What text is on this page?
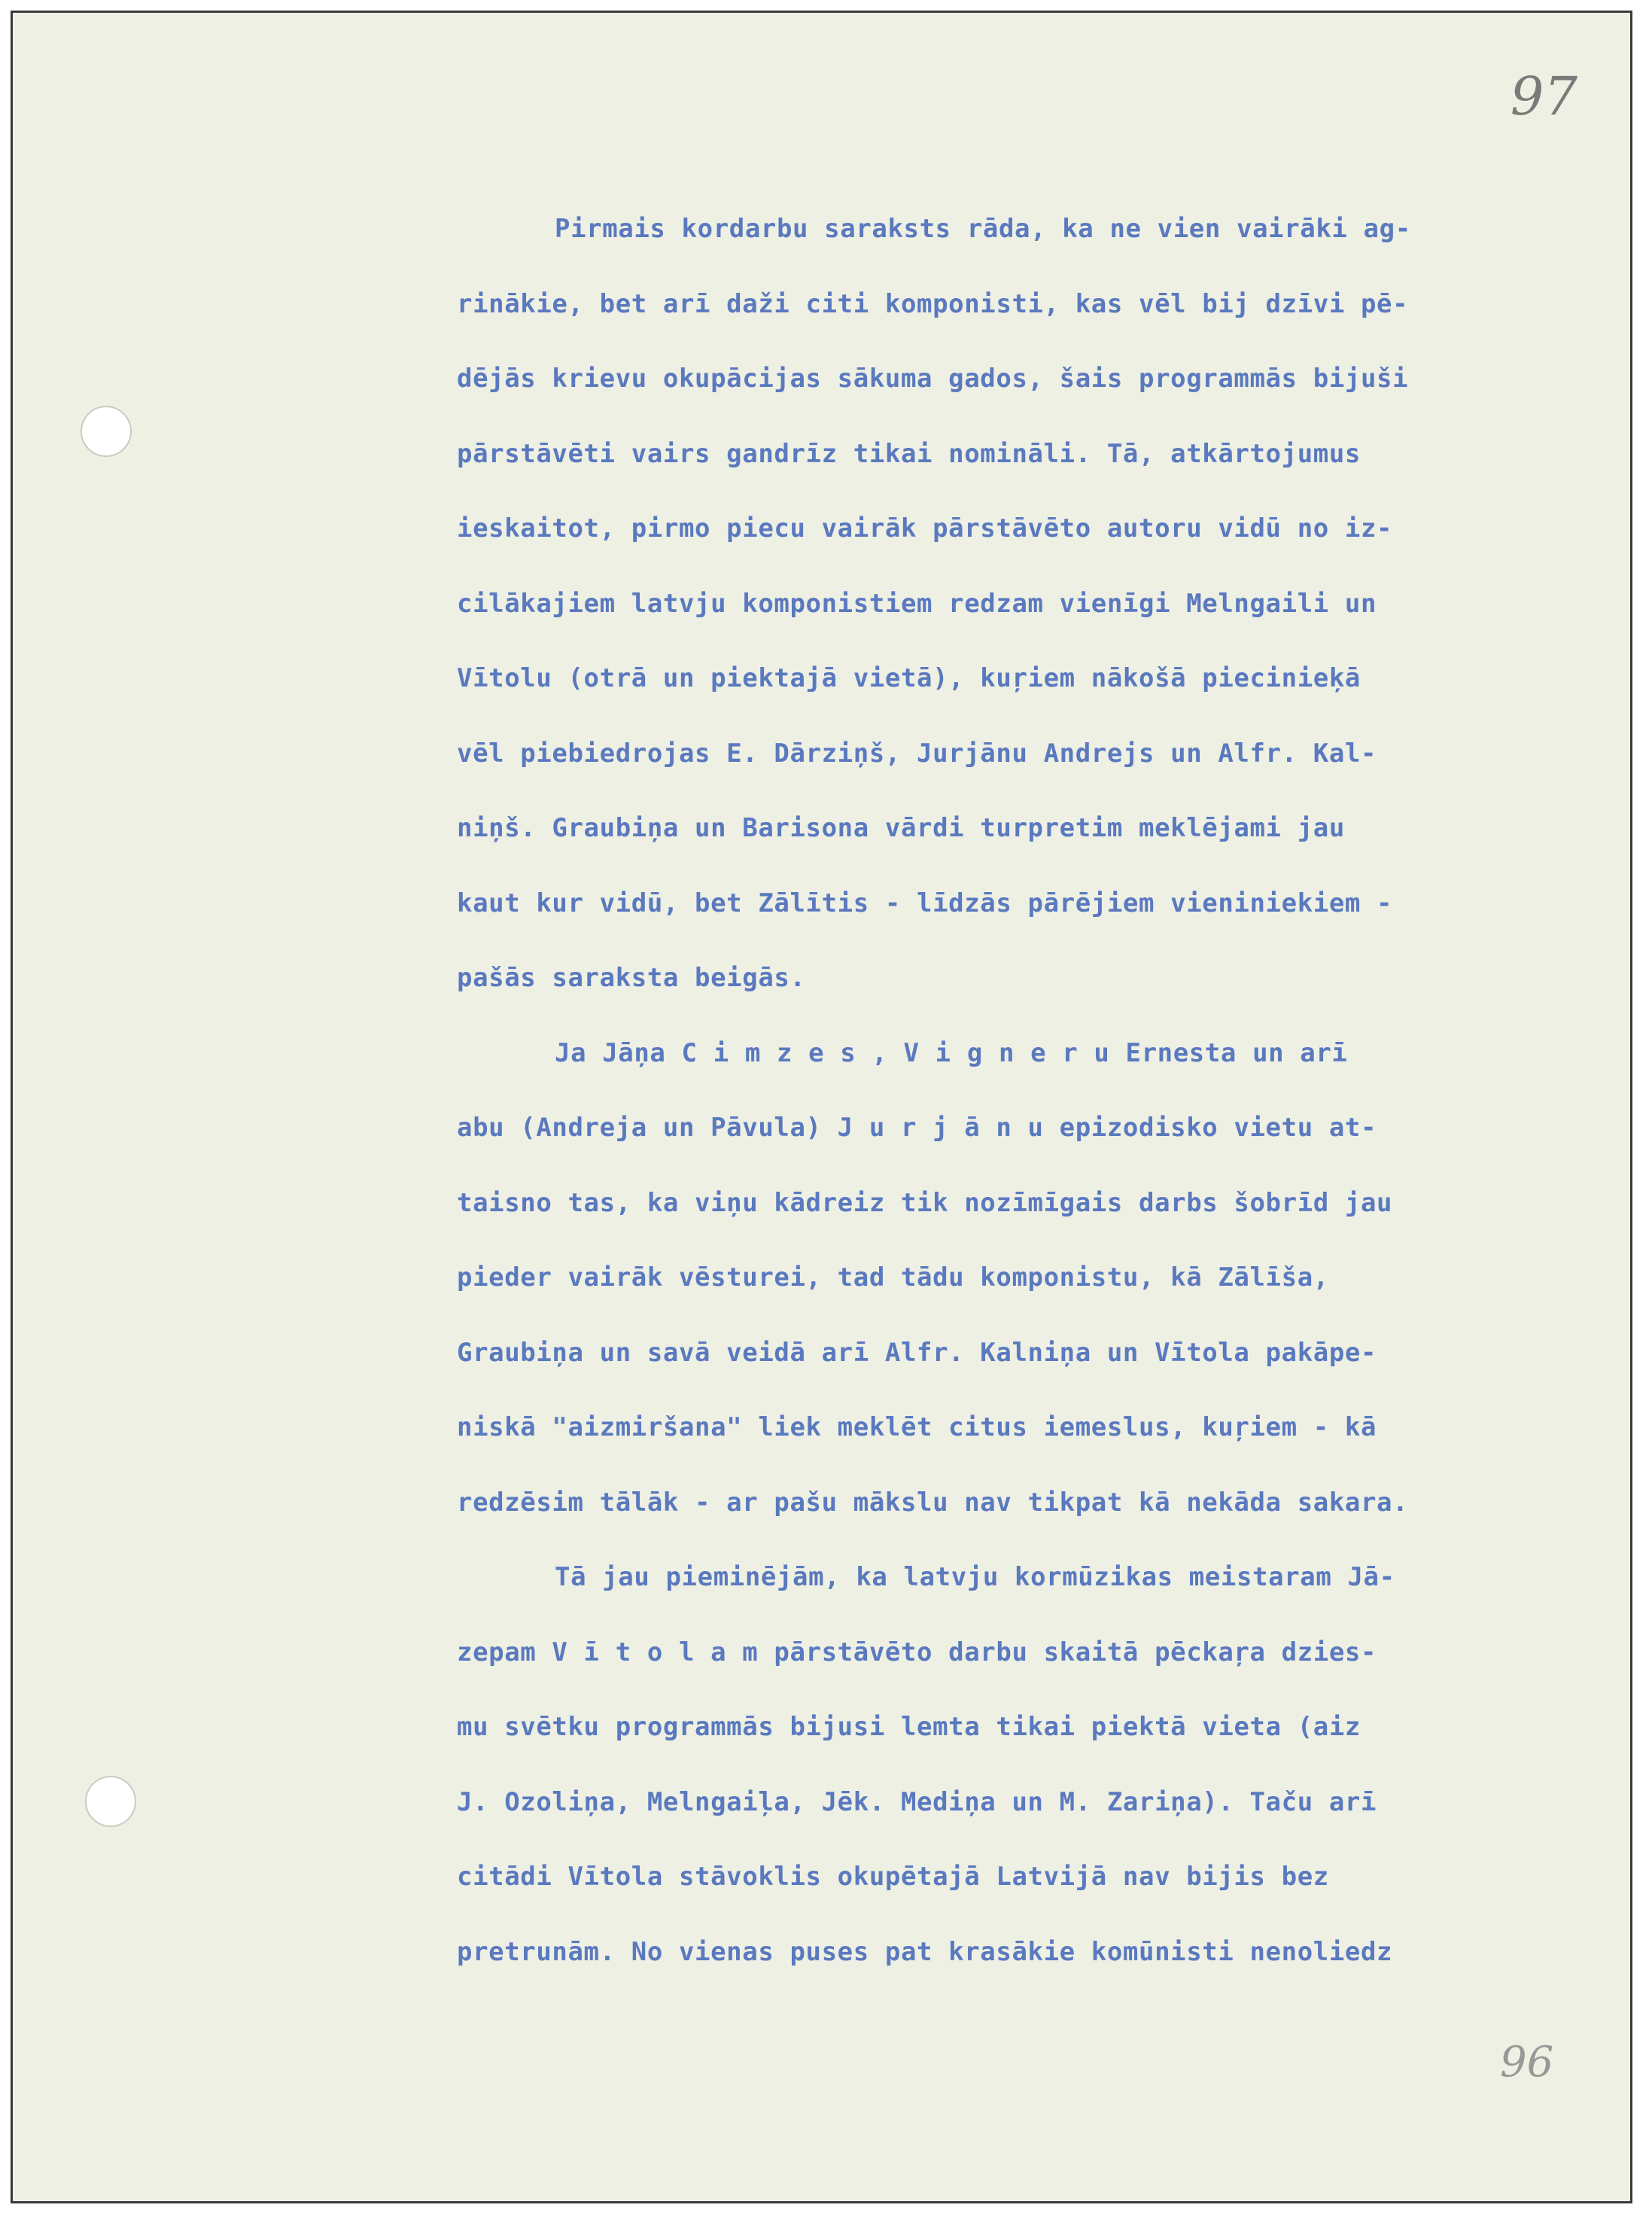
97
96
Pirmais kordarbu saraksts rāda, ka ne vien vairāki ag-
rinākie, bet arī daži citi komponisti, kas vēl bij dzīvi pē-
dējās krievu okupācijas sākuma gados, šais programmās bijuši
pārstāvēti vairs gandrīz tikai nomināli. Tā, atkārtojumus
ieskaitot, pirmo piecu vairāk pārstāvēto autoru vidū no iz-
cilākajiem latvju komponistiem redzam vienīgi Melngaili un
Vītolu (otrā un piektajā vietā), kuŗiem nākošā piecinieķā
vēl piebiedrojas E. Dārziņš, Jurjānu Andrejs un Alfr. Kal-
niņš. Graubiņa un Barisona vārdi turpretim meklējami jau
kaut kur vidū, bet Zālītis - līdzās pārējiem vieniniekiem -
pašās saraksta beigās.
Ja Jāņa C i m z e s , V i g n e r u Ernesta un arī
abu (Andreja un Pāvula) J u r j ā n u epizodisko vietu at-
taisno tas, ka viņu kādreiz tik nozīmīgais darbs šobrīd jau
pieder vairāk vēsturei, tad tādu komponistu, kā Zālīša,
Graubiņa un savā veidā arī Alfr. Kalniņa un Vītola pakāpe-
niskā "aizmiršana" liek meklēt citus iemeslus, kuŗiem - kā
redzēsim tālāk - ar pašu mākslu nav tikpat kā nekāda sakara.
Tā jau pieminējām, ka latvju kormūzikas meistaram Jā-
zepam V ī t o l a m pārstāvēto darbu skaitā pēckaŗa dzies-
mu svētku programmās bijusi lemta tikai piektā vieta (aiz
J. Ozoliņa, Melngaiļa, Jēk. Mediņa un M. Zariņa). Taču arī
citādi Vītola stāvoklis okupētajā Latvijā nav bijis bez
pretrunām. No vienas puses pat krasākie komūnisti nenoliedz
